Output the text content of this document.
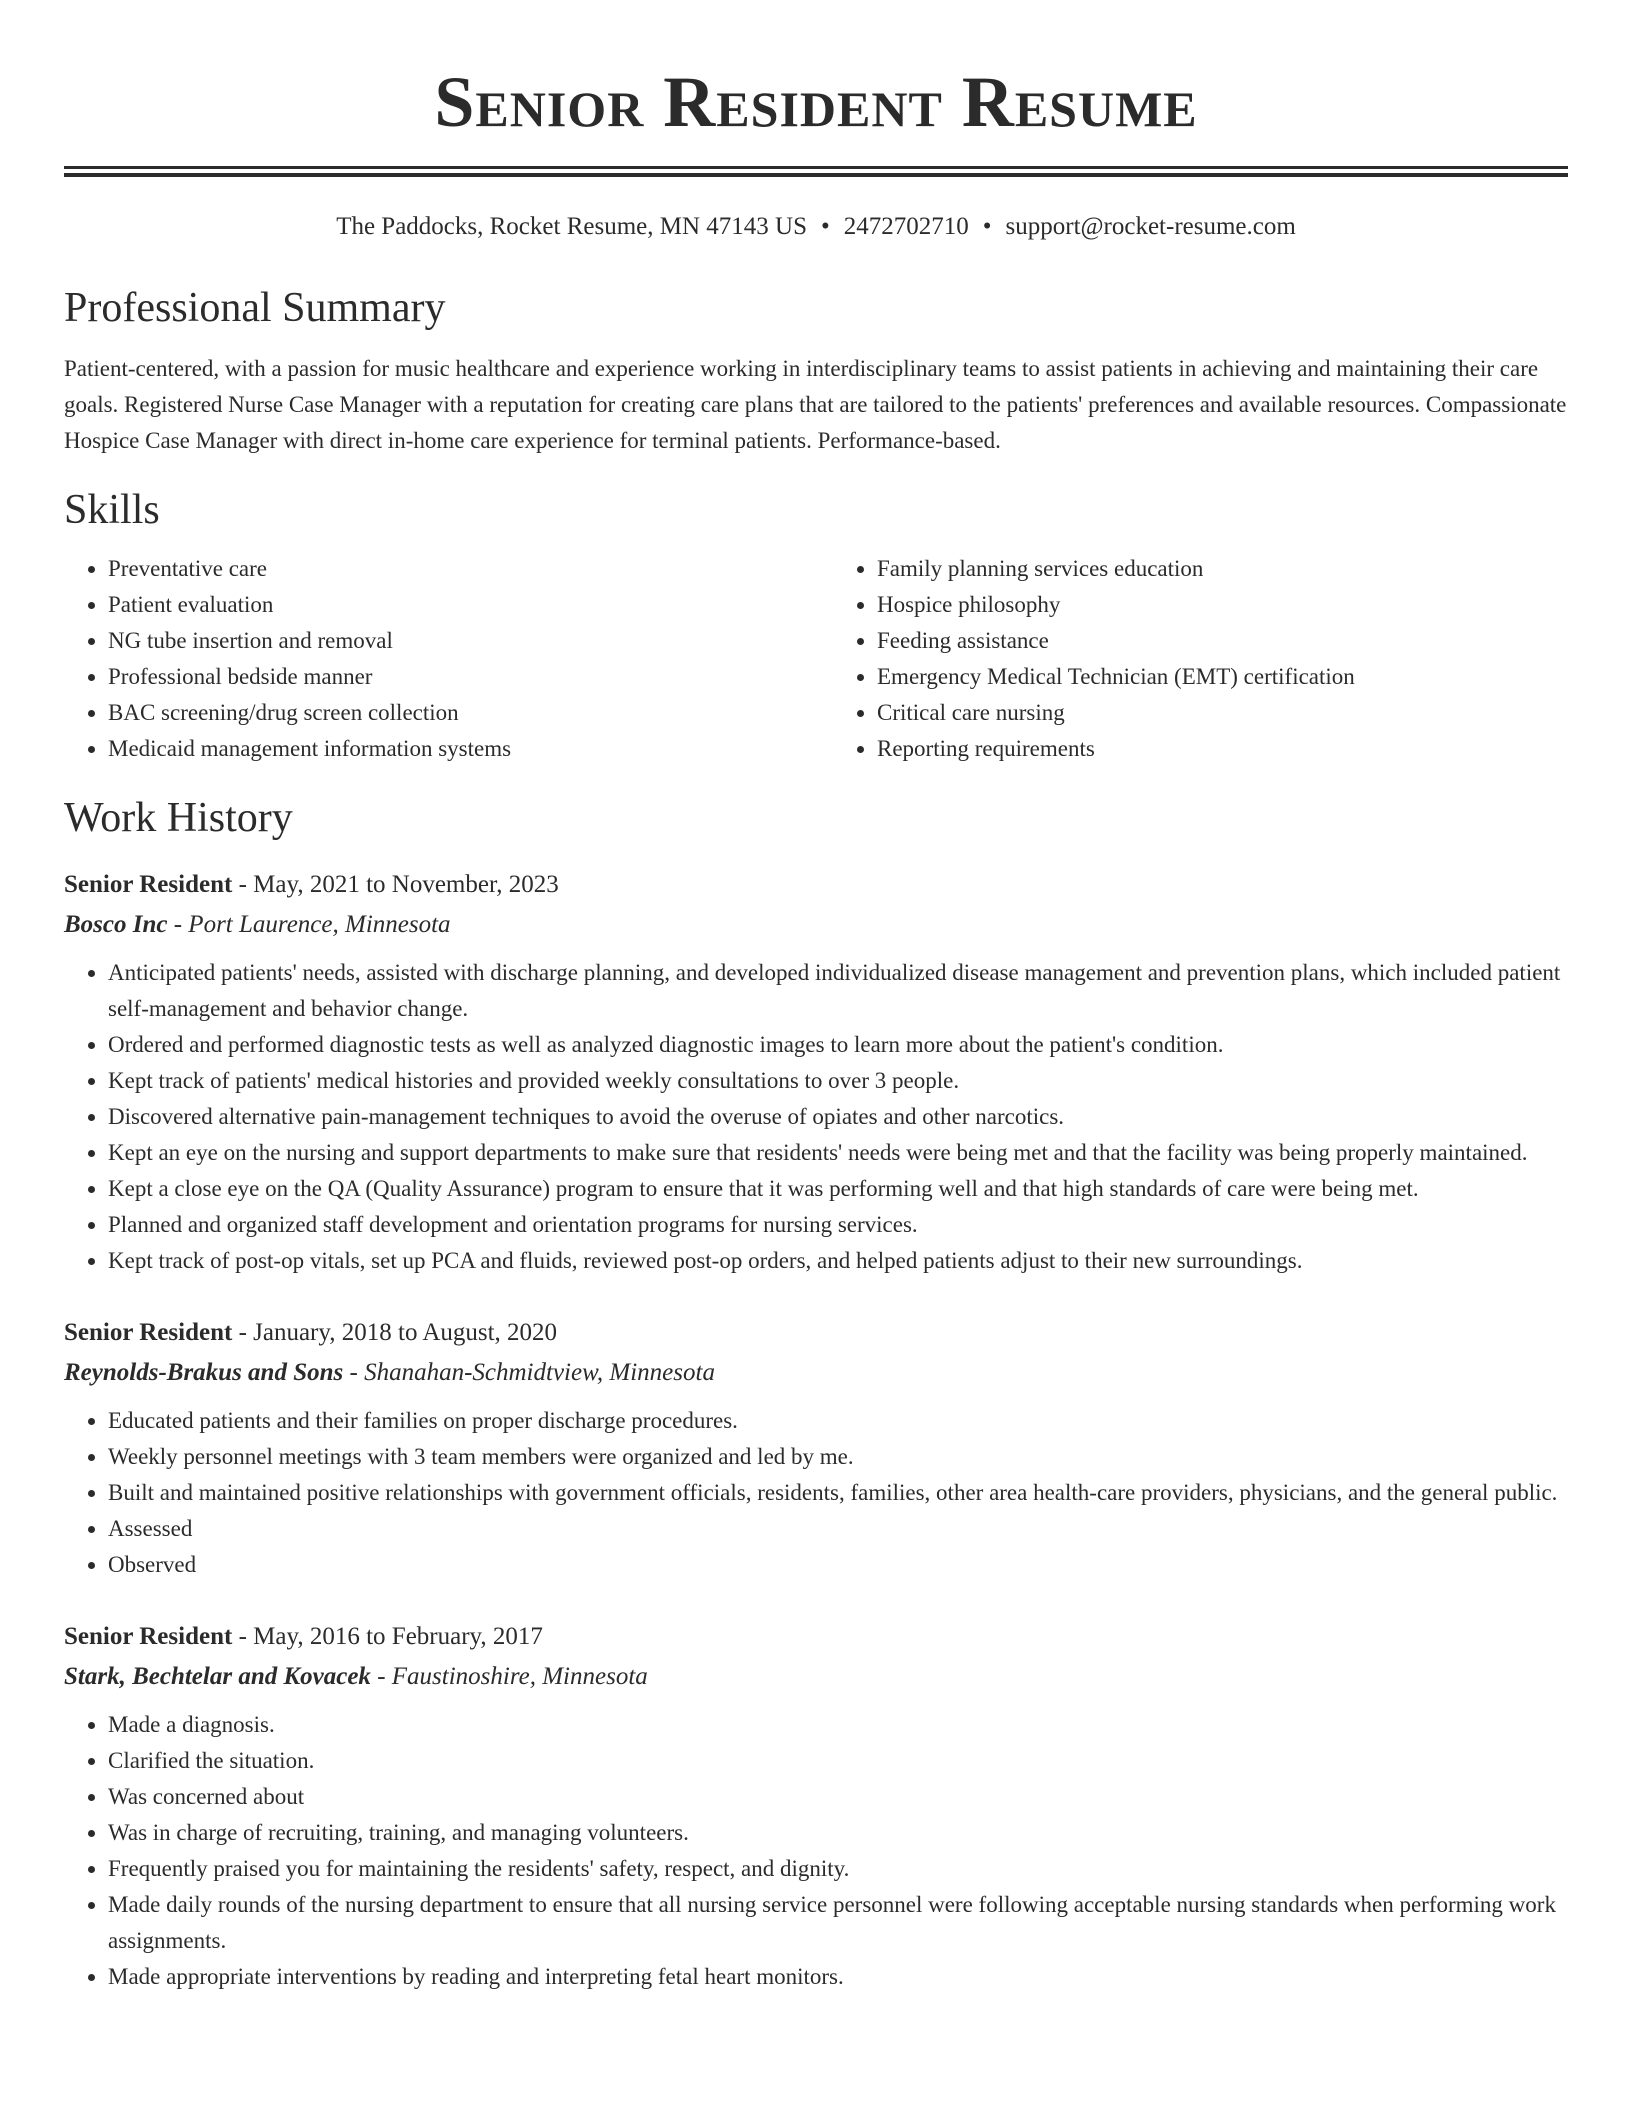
Senior Resident Resume
The Paddocks, Rocket Resume, MN 47143 US • 2472702710 • support@rocket-resume.com
Professional Summary

Patient-centered, with a passion for music healthcare and experience working in interdisciplinary teams to assist patients in achieving and maintaining their care goals. Registered Nurse Case Manager with a reputation for creating care plans that are tailored to the patients' preferences and available resources. Compassionate Hospice Case Manager with direct in-home care experience for terminal patients. Performance-based.

Skills
• Preventative care
• Patient evaluation
• NG tube insertion and removal
• Professional bedside manner
• BAC screening/drug screen collection
• Medicaid management information systems
• Family planning services education
• Hospice philosophy
• Feeding assistance
• Emergency Medical Technician (EMT) certification
• Critical care nursing
• Reporting requirements
Work History
Senior Resident - May, 2021 to November, 2023
Bosco Inc - Port Laurence, Minnesota
• Anticipated patients' needs, assisted with discharge planning, and developed individualized disease management and prevention plans, which included patient self-management and behavior change.
• Ordered and performed diagnostic tests as well as analyzed diagnostic images to learn more about the patient's condition.
• Kept track of patients' medical histories and provided weekly consultations to over 3 people.
• Discovered alternative pain-management techniques to avoid the overuse of opiates and other narcotics.
• Kept an eye on the nursing and support departments to make sure that residents' needs were being met and that the facility was being properly maintained.
• Kept a close eye on the QA (Quality Assurance) program to ensure that it was performing well and that high standards of care were being met.
• Planned and organized staff development and orientation programs for nursing services.
• Kept track of post-op vitals, set up PCA and fluids, reviewed post-op orders, and helped patients adjust to their new surroundings.
Senior Resident - January, 2018 to August, 2020
Reynolds-Brakus and Sons - Shanahan-Schmidtview, Minnesota
• Educated patients and their families on proper discharge procedures.
• Weekly personnel meetings with 3 team members were organized and led by me.
• Built and maintained positive relationships with government officials, residents, families, other area health-care providers, physicians, and the general public.
• Assessed
• Observed
Senior Resident - May, 2016 to February, 2017
Stark, Bechtelar and Kovacek - Faustinoshire, Minnesota
• Made a diagnosis.
• Clarified the situation.
• Was concerned about
• Was in charge of recruiting, training, and managing volunteers.
• Frequently praised you for maintaining the residents' safety, respect, and dignity.
• Made daily rounds of the nursing department to ensure that all nursing service personnel were following acceptable nursing standards when performing work assignments.
• Made appropriate interventions by reading and interpreting fetal heart monitors.
